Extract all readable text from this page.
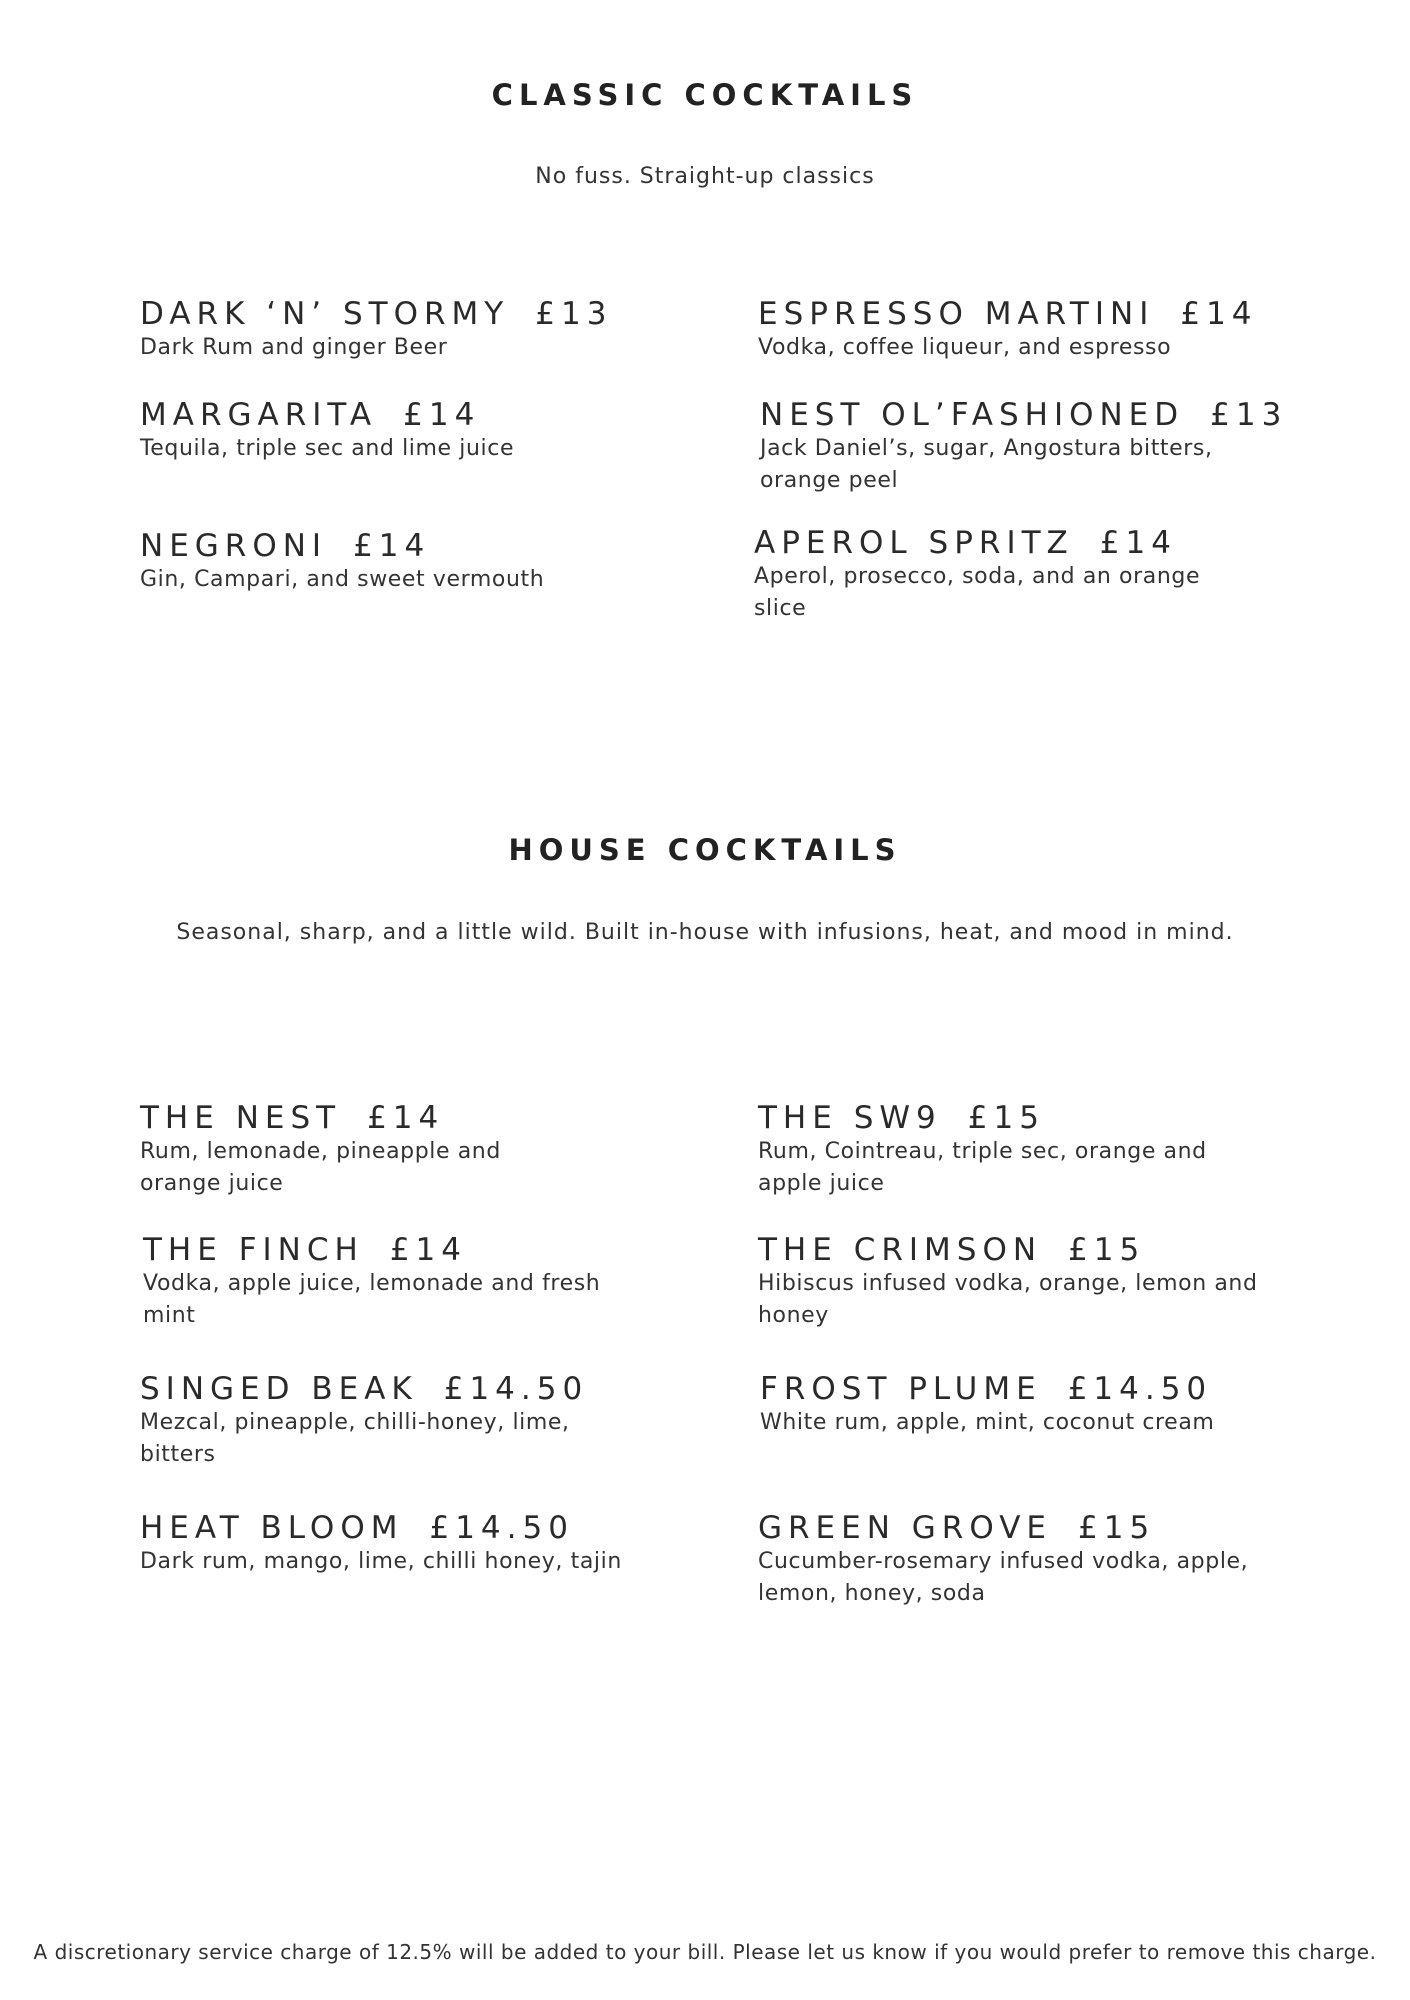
CLASSIC COCKTAILS

No fuss. Straight-up classics

DARK ‘N’ STORMY £13

Dark Rum and ginger Beer

ESPRESSO MARTINI £14

Vodka, coffee liqueur, and espresso

MARGARITA £14

Tequila, triple sec and lime juice

NEST OL’FASHIONED £13

Jack Daniel’s, sugar, Angostura bitters, orange peel

NEGRONI £14

Gin, Campari, and sweet vermouth

APEROL SPRITZ £14

Aperol, prosecco, soda, and an orange slice

HOUSE COCKTAILS

Seasonal, sharp, and a little wild. Built in-house with infusions, heat, and mood in mind.

THE NEST £14

Rum, lemonade, pineapple and orange juice

THE SW9 £15

Rum, Cointreau, triple sec, orange and apple juice

THE FINCH £14

Vodka, apple juice, lemonade and fresh mint

THE CRIMSON £15

Hibiscus infused vodka, orange, lemon and honey

SINGED BEAK £14.50

Mezcal, pineapple, chilli-honey, lime, bitters

FROST PLUME £14.50

White rum, apple, mint, coconut cream

HEAT BLOOM £14.50

Dark rum, mango, lime, chilli honey, tajin

GREEN GROVE £15

Cucumber-rosemary infused vodka, apple, lemon, honey, soda

A discretionary service charge of 12.5% will be added to your bill. Please let us know if you would prefer to remove this charge.
